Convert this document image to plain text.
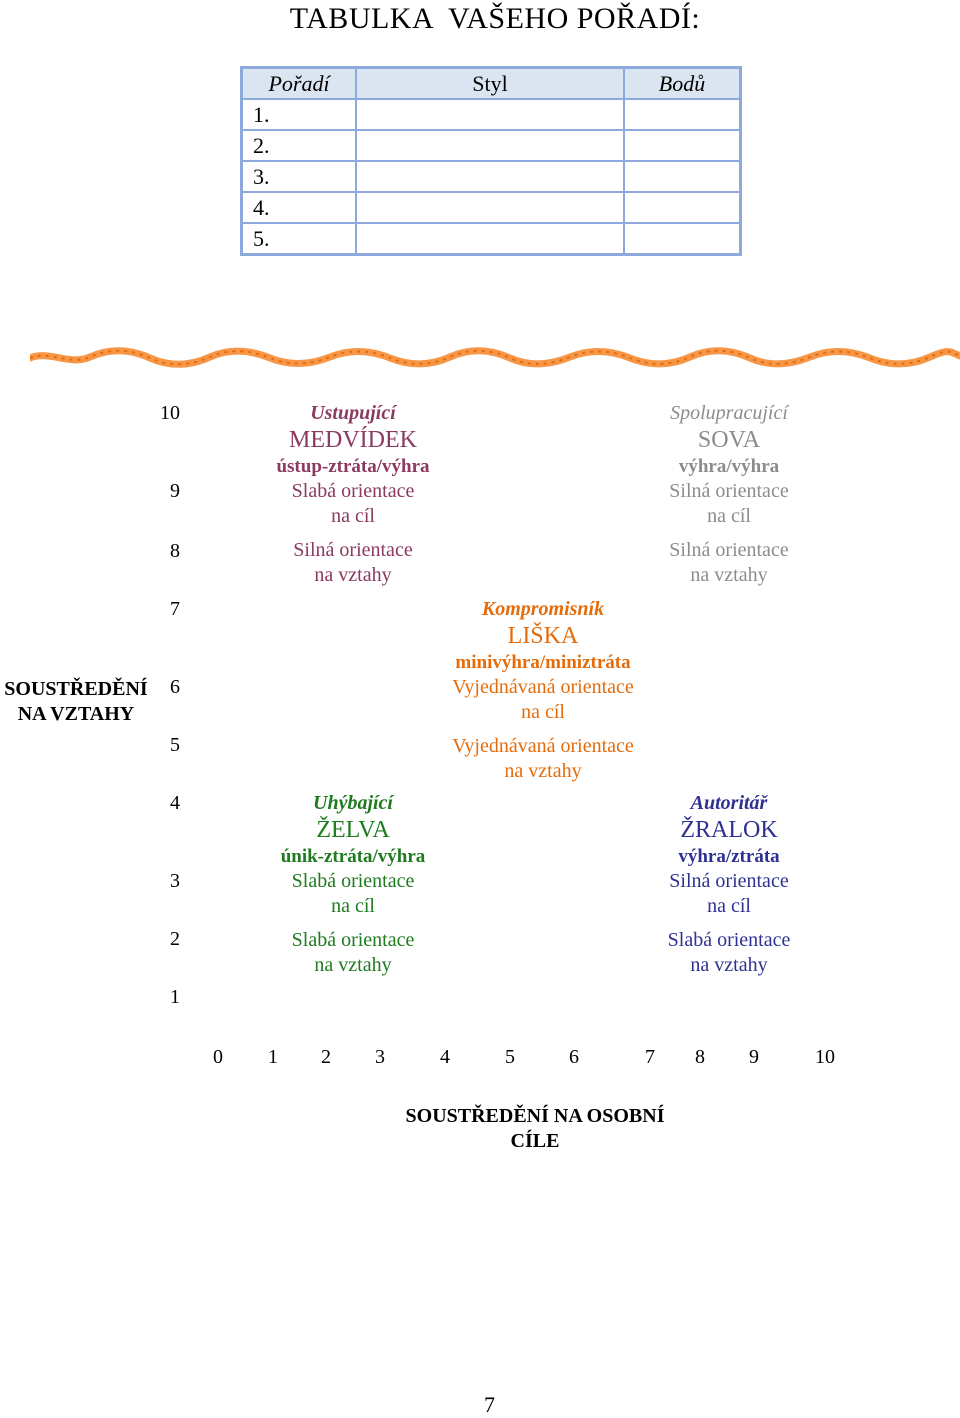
TABULKA  VAŠEHO POŘADÍ:
Pořadí	Styl	Bodů
1.		
2.		
3.		
4.		
5.		
10
9
8
7
6
5
4
3
2
1
SOUSTŘEDĚNÍ
NA VZTAHY
Ustupující
MEDVÍDEK
ústup-ztráta/výhra
Slabá orientace
na cíl
Silná orientace
na vztahy
Spolupracující
SOVA
výhra/výhra
Silná orientace
na cíl
Silná orientace
na vztahy
Kompromisník
LIŠKA
minivýhra/miniztráta
Vyjednávaná orientace
na cíl
Vyjednávaná orientace
na vztahy
Uhýbající
ŽELVA
únik-ztráta/výhra
Slabá orientace
na cíl
Slabá orientace
na vztahy
Autoritář
ŽRALOK
výhra/ztráta
Silná orientace
na cíl
Slabá orientace
na vztahy
0	1	2	3	4	5	6	7	8	9	10
SOUSTŘEDĚNÍ NA OSOBNÍ
CÍLE
7
